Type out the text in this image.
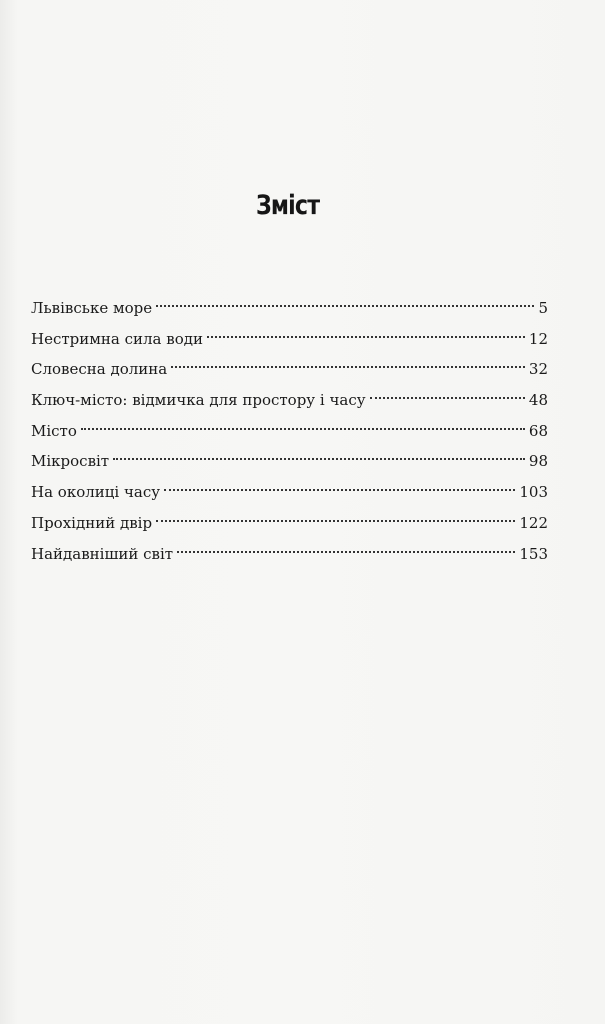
Зміст
Львівське море	5
Нестримна сила води	12
Словесна долина	32
Ключ-місто: відмичка для простору і часу	48
Місто	68
Мікросвіт	98
На околиці часу	103
Прохідний двір	122
Найдавніший світ	153
